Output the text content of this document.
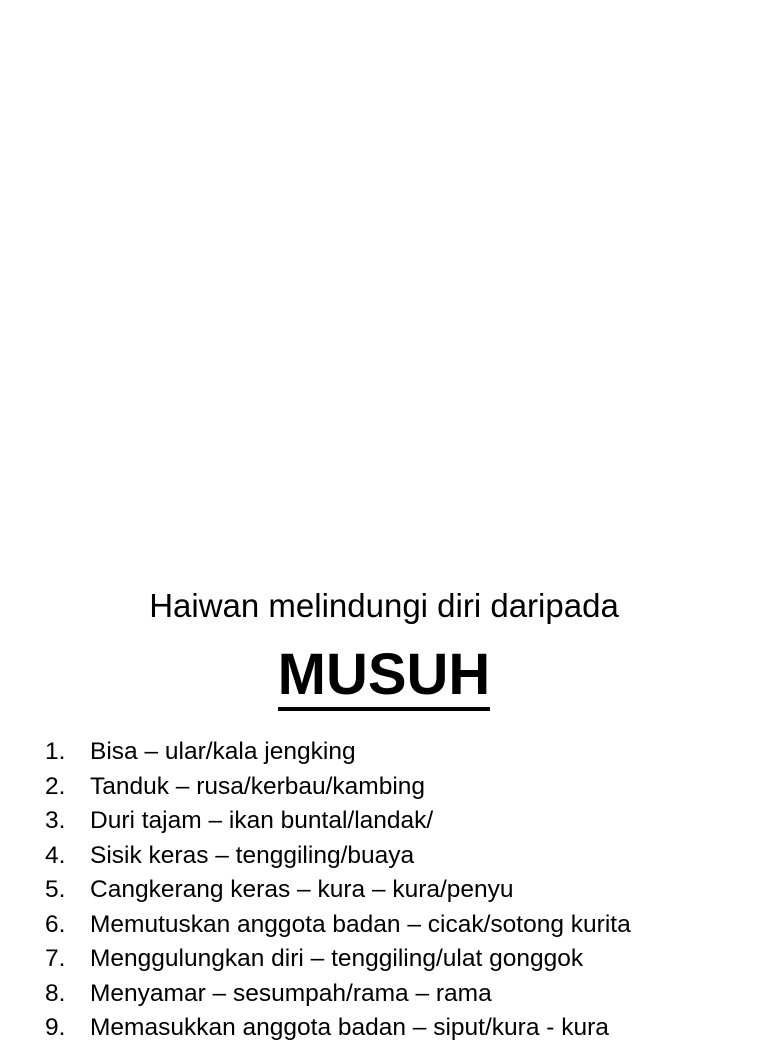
Haiwan melindungi diri daripada
MUSUH
1. Bisa – ular/kala jengking
2. Tanduk – rusa/kerbau/kambing
3. Duri tajam – ikan buntal/landak/
4. Sisik keras – tenggiling/buaya
5. Cangkerang keras – kura – kura/penyu
6. Memutuskan anggota badan – cicak/sotong kurita
7. Menggulungkan diri – tenggiling/ulat gonggok
8. Menyamar – sesumpah/rama – rama
9. Memasukkan anggota badan – siput/kura - kura
